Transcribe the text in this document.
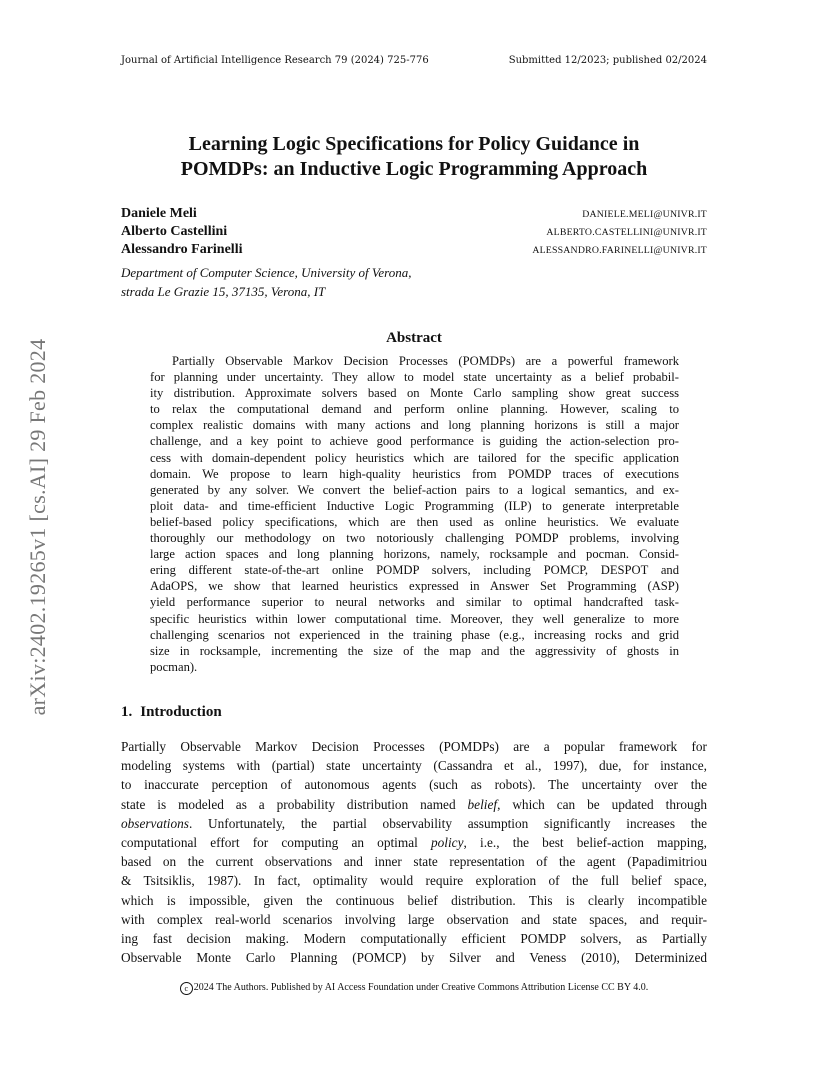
Journal of Artificial Intelligence Research 79 (2024) 725-776	Submitted 12/2023; published 02/2024
arXiv:2402.19265v1 [cs.AI] 29 Feb 2024
Learning Logic Specifications for Policy Guidance in
POMDPs: an Inductive Logic Programming Approach
Daniele Meli	DANIELE.MELI@UNIVR.IT
Alberto Castellini	ALBERTO.CASTELLINI@UNIVR.IT
Alessandro Farinelli	ALESSANDRO.FARINELLI@UNIVR.IT
Department of Computer Science, University of Verona,
strada Le Grazie 15, 37135, Verona, IT
Abstract
Partially Observable Markov Decision Processes (POMDPs) are a powerful framework
for planning under uncertainty. They allow to model state uncertainty as a belief probabil-
ity distribution. Approximate solvers based on Monte Carlo sampling show great success
to relax the computational demand and perform online planning. However, scaling to
complex realistic domains with many actions and long planning horizons is still a major
challenge, and a key point to achieve good performance is guiding the action-selection pro-
cess with domain-dependent policy heuristics which are tailored for the specific application
domain. We propose to learn high-quality heuristics from POMDP traces of executions
generated by any solver. We convert the belief-action pairs to a logical semantics, and ex-
ploit data- and time-efficient Inductive Logic Programming (ILP) to generate interpretable
belief-based policy specifications, which are then used as online heuristics. We evaluate
thoroughly our methodology on two notoriously challenging POMDP problems, involving
large action spaces and long planning horizons, namely, rocksample and pocman. Consid-
ering different state-of-the-art online POMDP solvers, including POMCP, DESPOT and
AdaOPS, we show that learned heuristics expressed in Answer Set Programming (ASP)
yield performance superior to neural networks and similar to optimal handcrafted task-
specific heuristics within lower computational time. Moreover, they well generalize to more
challenging scenarios not experienced in the training phase (e.g., increasing rocks and grid
size in rocksample, incrementing the size of the map and the aggressivity of ghosts in
pocman).
1. Introduction
Partially Observable Markov Decision Processes (POMDPs) are a popular framework for
modeling systems with (partial) state uncertainty (Cassandra et al., 1997), due, for instance,
to inaccurate perception of autonomous agents (such as robots). The uncertainty over the
state is modeled as a probability distribution named belief, which can be updated through
observations. Unfortunately, the partial observability assumption significantly increases the
computational effort for computing an optimal policy, i.e., the best belief-action mapping,
based on the current observations and inner state representation of the agent (Papadimitriou
& Tsitsiklis, 1987). In fact, optimality would require exploration of the full belief space,
which is impossible, given the continuous belief distribution. This is clearly incompatible
with complex real-world scenarios involving large observation and state spaces, and requir-
ing fast decision making. Modern computationally efficient POMDP solvers, as Partially
Observable Monte Carlo Planning (POMCP) by Silver and Veness (2010), Determinized
c 2024 The Authors. Published by AI Access Foundation under Creative Commons Attribution License CC BY 4.0.
